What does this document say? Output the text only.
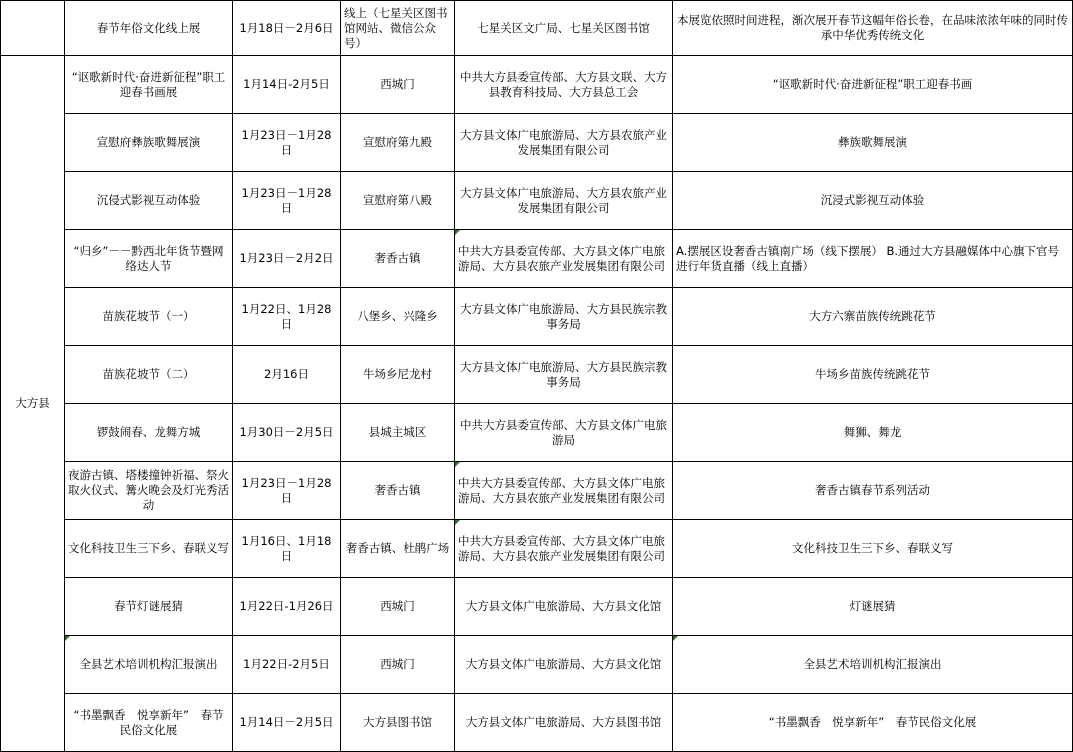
	春节年俗文化线上展	1月18日－2月6日	线上（七星关区图书馆网站、微信公众号）	七星关区文广局、七星关区图书馆	本展览依照时间进程，渐次展开春节这幅年俗长卷，在品味浓浓年味的同时传承中华优秀传统文化
大方县	“讴歌新时代·奋进新征程”职工迎春书画展	1月14日-2月5日	西城门	中共大方县委宣传部、大方县文联、大方县教育科技局、大方县总工会	“讴歌新时代·奋进新征程”职工迎春书画
	宣慰府彝族歌舞展演	1月23日－1月28日	宣慰府第九殿	大方县文体广电旅游局、大方县农旅产业发展集团有限公司	彝族歌舞展演
	沉侵式影视互动体验	1月23日－1月28日	宣慰府第八殿	大方县文体广电旅游局、大方县农旅产业发展集团有限公司	沉浸式影视互动体验
	“归乡”－－黔西北年货节暨网络达人节	1月23日－2月2日	奢香古镇	中共大方县委宣传部、大方县文体广电旅游局、大方县农旅产业发展集团有限公司	A.摆展区设奢香古镇南广场（线下摆展） B.通过大方县融媒体中心旗下官号进行年货直播（线上直播）
	苗族花坡节（一）	1月22日、1月28日	八堡乡、兴隆乡	大方县文体广电旅游局、大方县民族宗教事务局	大方六寨苗族传统跳花节
	苗族花坡节（二）	2月16日	牛场乡尼龙村	大方县文体广电旅游局、大方县民族宗教事务局	牛场乡苗族传统跳花节
	锣鼓闹春、龙舞方城	1月30日－2月5日	县城主城区	中共大方县委宣传部、大方县文体广电旅游局	舞狮、舞龙
	夜游古镇、塔楼撞钟祈福、祭火取火仪式、篝火晚会及灯光秀活动	1月23日－1月28日	奢香古镇	中共大方县委宣传部、大方县文体广电旅游局、大方县农旅产业发展集团有限公司	奢香古镇春节系列活动
	文化科技卫生三下乡、春联义写	1月16日、1月18日	奢香古镇、杜鹃广场	中共大方县委宣传部、大方县文体广电旅游局、大方县农旅产业发展集团有限公司	文化科技卫生三下乡、春联义写
	春节灯谜展猜	1月22日-1月26日	西城门	大方县文体广电旅游局、大方县文化馆	灯谜展猜
	全县艺术培训机构汇报演出	1月22日-2月5日	西城门	大方县文体广电旅游局、大方县文化馆	全县艺术培训机构汇报演出
	“书墨飘香　悦享新年”　春节民俗文化展	1月14日－2月5日	大方县图书馆	大方县文体广电旅游局、大方县图书馆	“书墨飘香　悦享新年”　春节民俗文化展
